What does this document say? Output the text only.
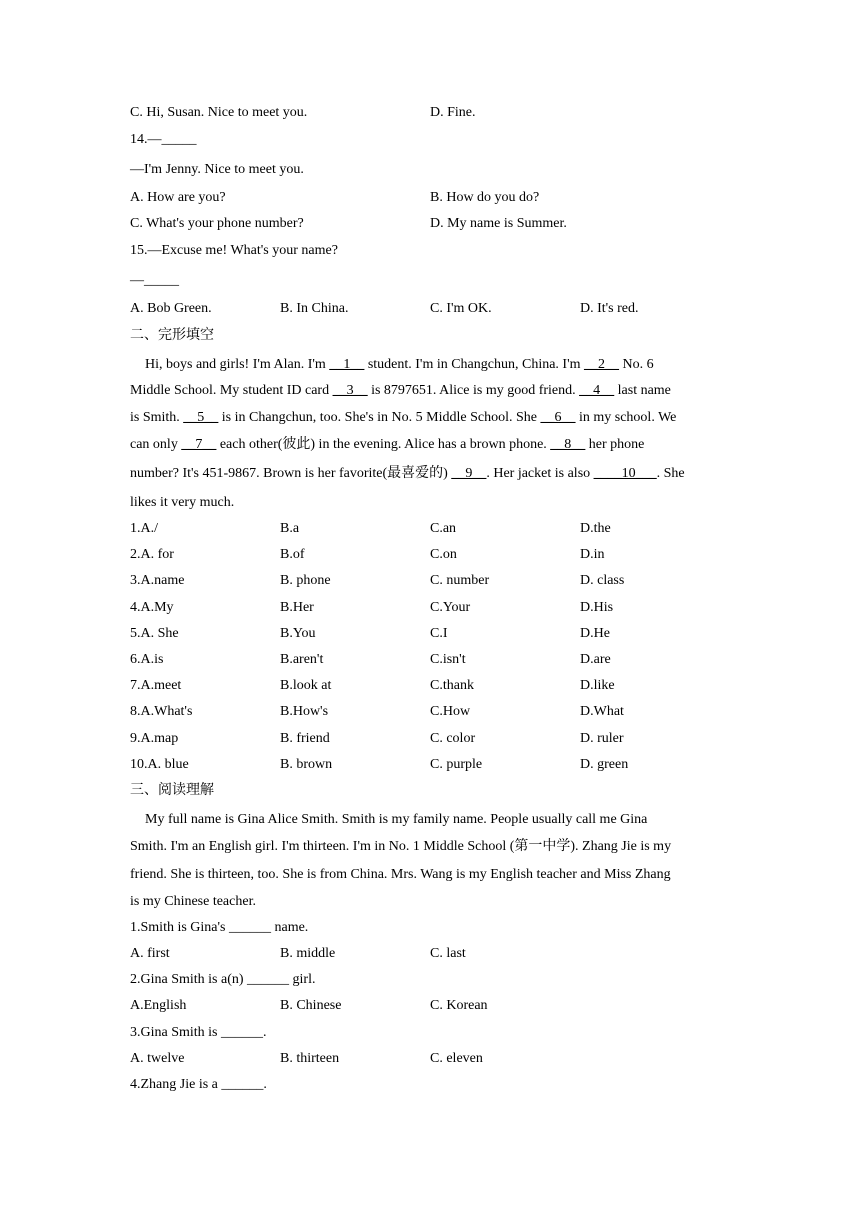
C. Hi, Susan. Nice to meet you.	D. Fine.
14.—_____
—I'm Jenny. Nice to meet you.
A. How are you?	B. How do you do?
C. What's your phone number?	D. My name is Summer.
15.—Excuse me! What's your name?
—_____
A. Bob Green.	B. In China.	C. I'm OK.	D. It's red.
二、完形填空
Hi, boys and girls! I'm Alan. I'm __1__ student. I'm in Changchun, China. I'm __2__ No. 6
Middle School. My student ID card __3__ is 8797651. Alice is my good friend. __4__ last name
is Smith. __5__ is in Changchun, too. She's in No. 5 Middle School. She __6__ in my school. We
can only __7__ each other(彼此) in the evening. Alice has a brown phone. __8__ her phone
number? It's 451-9867. Brown is her favorite(最喜爱的) __9__. Her jacket is also ____10___. She
likes it very much.
1.A./	B.a	C.an	D.the
2.A. for	B.of	C.on	D.in
3.A.name	B. phone	C. number	D. class
4.A.My	B.Her	C.Your	D.His
5.A. She	B.You	C.I	D.He
6.A.is	B.aren't	C.isn't	D.are
7.A.meet	B.look at	C.thank	D.like
8.A.What's	B.How's	C.How	D.What
9.A.map	B. friend	C. color	D. ruler
10.A. blue	B. brown	C. purple	D. green
三、阅读理解
My full name is Gina Alice Smith. Smith is my family name. People usually call me Gina
Smith. I'm an English girl. I'm thirteen. I'm in No. 1 Middle School (第一中学). Zhang Jie is my
friend. She is thirteen, too. She is from China. Mrs. Wang is my English teacher and Miss Zhang
is my Chinese teacher.
1.Smith is Gina's ______ name.
A. first	B. middle	C. last
2.Gina Smith is a(n) ______ girl.
A.English	B. Chinese	C. Korean
3.Gina Smith is ______.
A. twelve	B. thirteen	C. eleven
4.Zhang Jie is a ______.
